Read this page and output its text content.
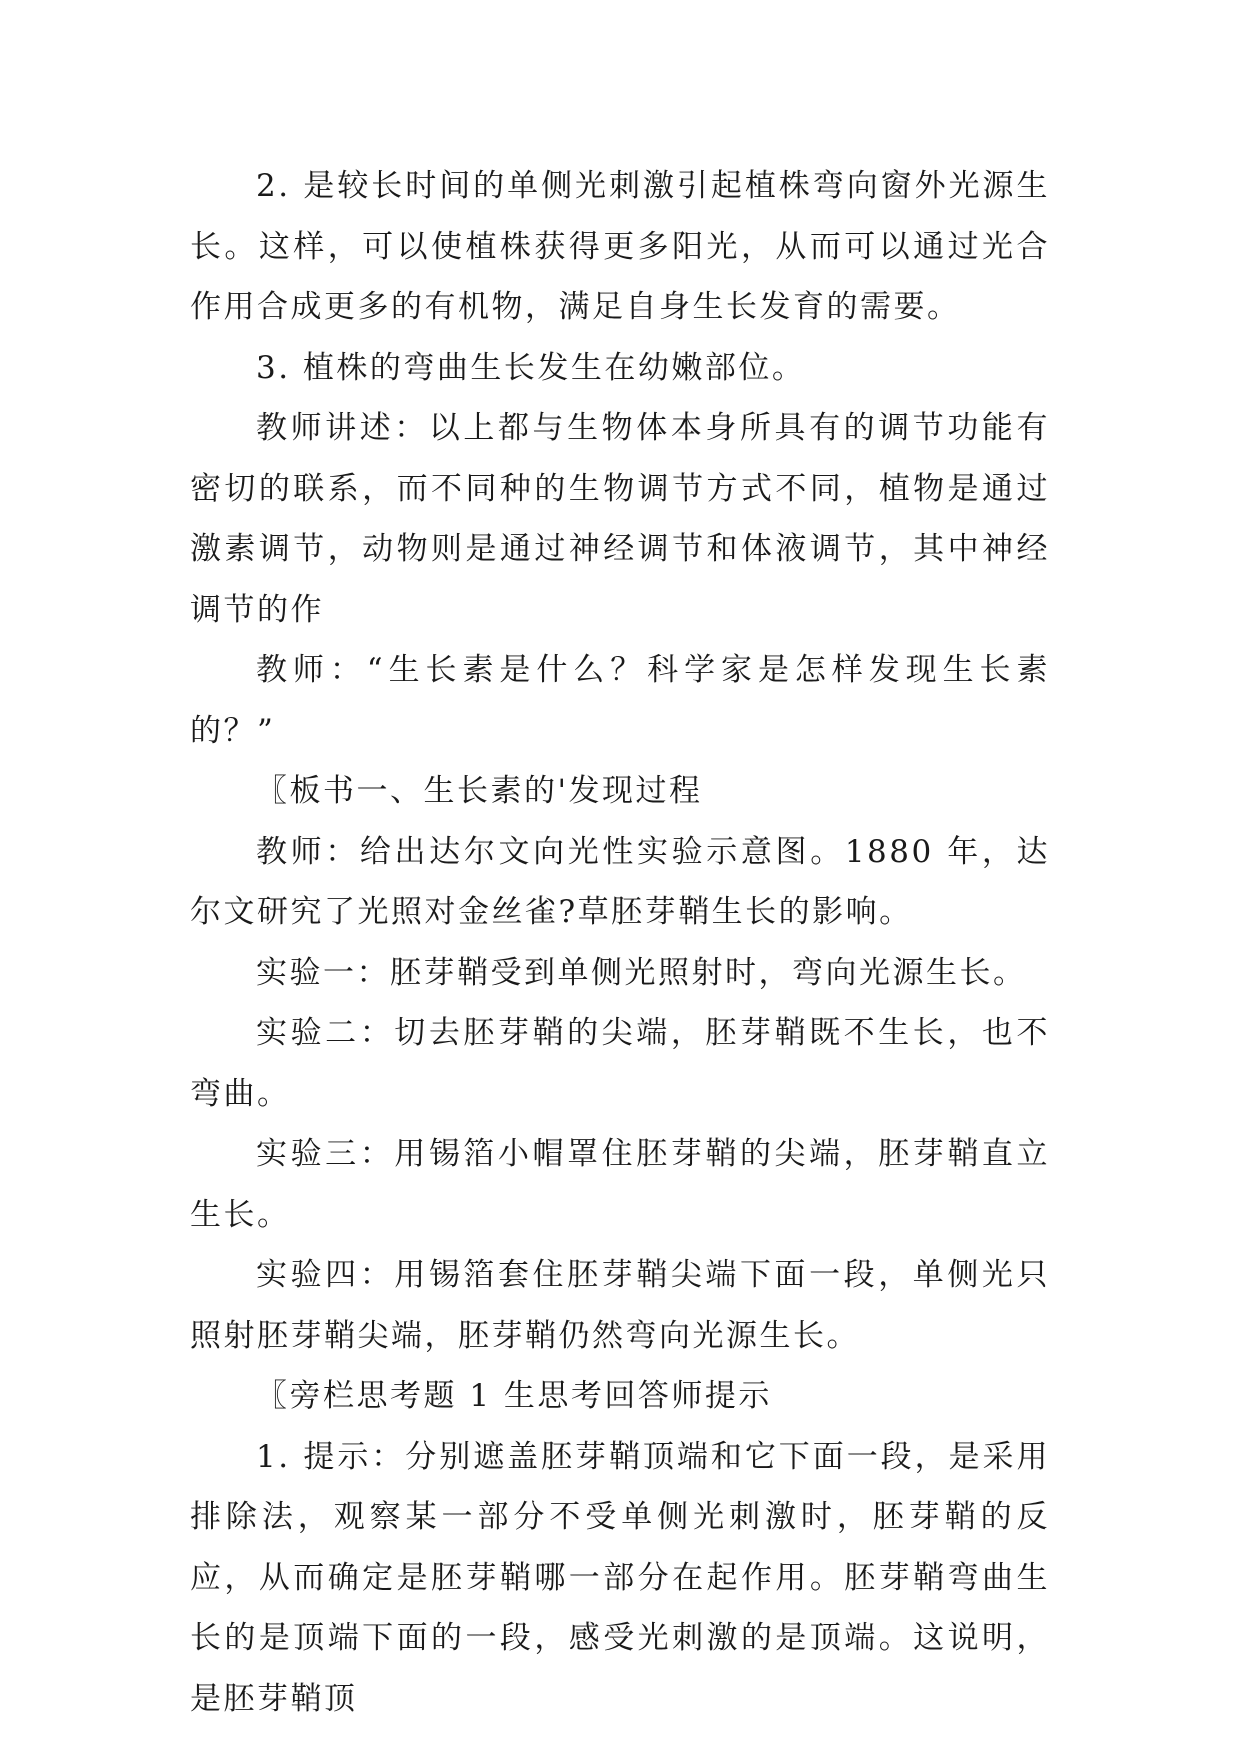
2. 是较长时间的单侧光刺激引起植株弯向窗外光源生长。这样，可以使植株获得更多阳光，从而可以通过光合作用合成更多的有机物，满足自身生长发育的需要。

3. 植株的弯曲生长发生在幼嫩部位。

教师讲述：以上都与生物体本身所具有的调节功能有密切的联系，而不同种的生物调节方式不同，植物是通过激素调节，动物则是通过神经调节和体液调节，其中神经调节的作

教师：“生长素是什么？科学家是怎样发现生长素的？”

〖板书一、生长素的'发现过程

教师：给出达尔文向光性实验示意图。1880 年，达尔文研究了光照对金丝雀?草胚芽鞘生长的影响。

实验一：胚芽鞘受到单侧光照射时，弯向光源生长。

实验二：切去胚芽鞘的尖端，胚芽鞘既不生长，也不弯曲。

实验三：用锡箔小帽罩住胚芽鞘的尖端，胚芽鞘直立生长。

实验四：用锡箔套住胚芽鞘尖端下面一段，单侧光只照射胚芽鞘尖端，胚芽鞘仍然弯向光源生长。

〖旁栏思考题 1 生思考回答师提示

1. 提示：分别遮盖胚芽鞘顶端和它下面一段，是采用排除法，观察某一部分不受单侧光刺激时，胚芽鞘的反应，从而确定是胚芽鞘哪一部分在起作用。胚芽鞘弯曲生长的是顶端下面的一段，感受光刺激的是顶端。这说明，是胚芽鞘顶
